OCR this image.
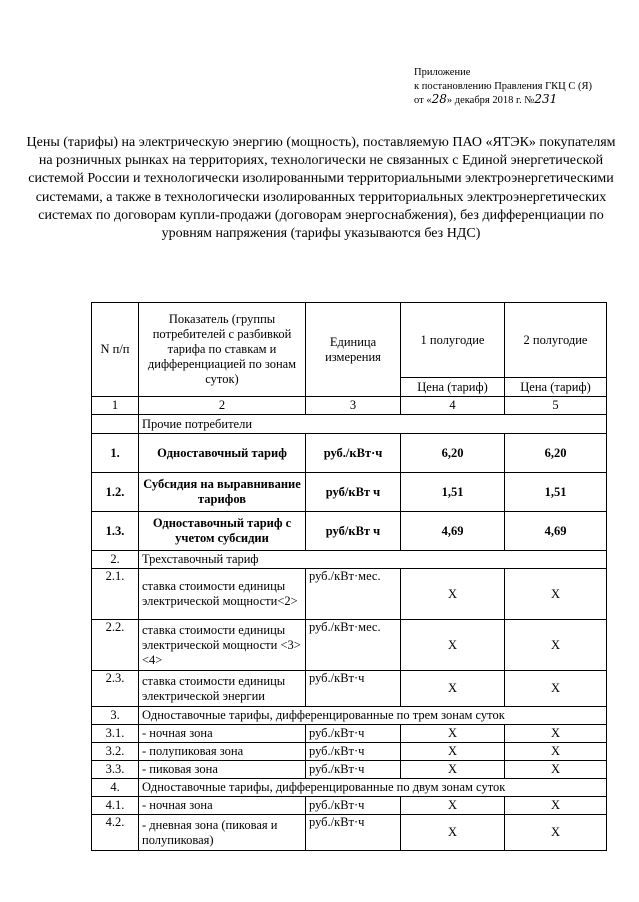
Приложение
к постановлению Правления ГКЦ С (Я)
от «28» декабря 2018 г. №231
Цены (тарифы) на электрическую энергию (мощность), поставляемую ПАО «ЯТЭК» покупателям на розничных рынках на территориях, технологически не связанных с Единой энергетической системой России и технологически изолированными территориальными электроэнергетическими системами, а также в технологически изолированных территориальных электроэнергетических системах по договорам купли-продажи (договорам энергоснабжения), без дифференциации по уровням напряжения (тарифы указываются без НДС)
N п/п	Показатель (группы потребителей с разбивкой тарифа по ставкам и дифференциацией по зонам суток)	Единица измерения	1 полугодие	2 полугодие
			Цена (тариф)	Цена (тариф)
1	2	3	4	5
	Прочие потребители			
1.	Одноставочный тариф	руб./кВт·ч	6,20	6,20
1.2.	Субсидия на выравнивание тарифов	руб/кВт ч	1,51	1,51
1.3.	Одноставочный тариф с учетом субсидии	руб/кВт ч	4,69	4,69
2.	Трехставочный тариф			
2.1.	ставка стоимости единицы электрической мощности<2>	руб./кВт·мес.	X	X
2.2.	ставка стоимости единицы электрической мощности <3><4>	руб./кВт·мес.	X	X
2.3.	ставка стоимости единицы электрической энергии	руб./кВт·ч	X	X
3.	Одноставочные тарифы, дифференцированные по трем зонам суток			
3.1.	- ночная зона	руб./кВт·ч	X	X
3.2.	- полупиковая зона	руб./кВт·ч	X	X
3.3.	- пиковая зона	руб./кВт·ч	X	X
4.	Одноставочные тарифы, дифференцированные по двум зонам суток			
4.1.	- ночная зона	руб./кВт·ч	X	X
4.2.	- дневная зона (пиковая и полупиковая)	руб./кВт·ч	X	X
